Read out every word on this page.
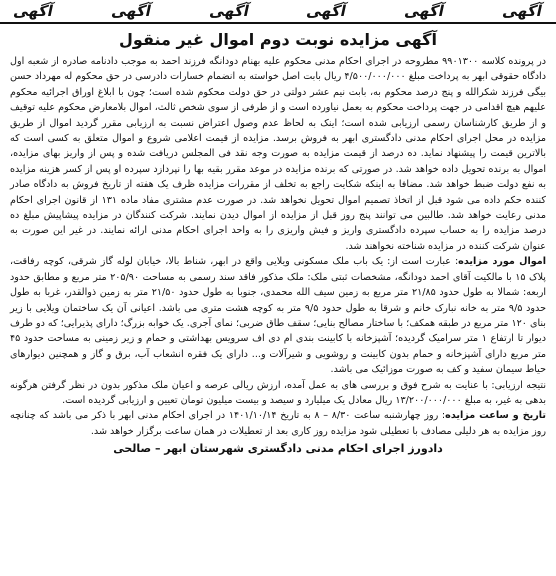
آگهی
آگهی
آگهی
آگهی
آگهی
آگهی
آگهی مزایده نوبت دوم اموال غیر منقول

در پرونده کلاسه ۹۹۰۱۳۰۰ مطروحه در اجرای احکام مدنی محکوم علیه بهنام دودانگه فرزند احمد به موجب دادنامه صادره از شعبه اول دادگاه حقوقی ابهر به پرداخت مبلغ ۴/۵۰۰/۰۰۰/۰۰۰ ریال بابت اصل خواسته به انضمام خسارات دادرسی در حق محکوم له مهرداد حسن بیگی فرزند شکرالله و پنج درصد محکوم به، بابت نیم عشر دولتی در حق دولت محکوم شده است؛ چون با ابلاغ اوراق اجرائیه محکوم علیهم هیچ اقدامی در جهت پرداخت محکوم به بعمل نیاورده است و از طرفی از سوی شخص ثالث، اموال بلامعارض محکوم علیه توقیف و از طریق کارشناسان رسمی ارزیابی شده است؛ اینک به لحاظ عدم وصول اعتراض نسبت به ارزیابی مقرر گردید اموال از طریق مزایده در محل اجرای احکام مدنی دادگستری ابهر به فروش برسد. مزایده از قیمت اعلامی شروع و اموال متعلق به کسی است که بالاترین قیمت را پیشنهاد نماید. ده درصد از قیمت مزایده به صورت وجه نقد فی المجلس دریافت شده و پس از واریز بهای مزایده، اموال به برنده تحویل داده خواهد شد. در صورتی که برنده مزایده در موعد مقرر بقیه بها را نپردازد سپرده او پس از کسر هزینه مزایده به نفع دولت ضبط خواهد شد. مضافا به اینکه شکایت راجع به تخلف از مقررات مزایده ظرف یک هفته از تاریخ فروش به دادگاه صادر کننده حکم داده می شود قبل از اتخاذ تصمیم اموال تحویل نخواهد شد. در صورت عدم مشتری مفاد ماده ۱۳۱ از قانون اجرای احکام مدنی رعایت خواهد شد. طالبین می توانند پنج روز قبل از مزایده از اموال دیدن نمایند. شرکت کنندگان در مزایده پیشاپیش مبلغ ده درصد مزایده را به حساب سپرده دادگستری واریز و فیش واریزی را به واحد اجرای احکام مدنی ارائه نمایند. در غیر این صورت به عنوان شرکت کننده در مزایده شناخته نخواهند شد.

اموال مورد مزایده: عبارت است از: یک باب ملک مسکونی ویلایی واقع در ابهر، شناط بالا، خیابان لوله گاز شرقی، کوچه رفاقت، پلاک ۱۵ با مالکیت آقای احمد دودانگه، مشخصات ثبتی ملک: ملک مذکور فاقد سند رسمی به مساحت ۲۰۵/۹۰ متر مربع و مطابق حدود اربعه: شمالا به طول حدود ۲۱/۸۵ متر مربع به زمین سیف الله محمدی، جنوبا به طول حدود ۲۱/۵۰ متر به زمین ذوالقدر، غربا به طول حدود ۹/۵ متر به خانه نبارک خانم و شرقا به طول حدود ۹/۵ متر به کوچه هشت متری می باشد. اعیانی آن یک ساختمان ویلایی با زیر بنای ۱۲۰ متر مربع در طبقه همکف؛ با ساختار مصالح بنایی؛ سقف طاق ضربی؛ نمای آجری. یک خوابه بزرگ؛ دارای پذیرایی؛ که دو طرف دیوار تا ارتفاع ۱ متر سرامیک گردیده؛ آشپزخانه با کابینت بندی ام دی اف سرویس بهداشتی و حمام و زیر زمینی به مساحت حدود ۴۵ متر مربع دارای آشپزخانه و حمام بدون کابینت و روشویی و شیرآلات و... دارای یک فقره انشعاب آب، برق و گاز و همچنین دیوارهای حیاط سیمان سفید و کف به صورت موزائیک می باشد.

نتیجه ارزیابی: با عنایت به شرح فوق و بررسی های به عمل آمده، ارزش ریالی عرصه و اعیان ملک مذکور بدون در نظر گرفتن هرگونه بدهی به غیر، به مبلغ ۱۳/۲۰۰/۰۰۰/۰۰۰ ریال معادل یک میلیارد و سیصد و بیست میلیون تومان تعیین و ارزیابی گردیده است.

تاریخ و ساعت مزایده: روز چهارشنبه ساعت ۸/۳۰ – ۸ به تاریخ ۱۴۰۱/۱۰/۱۴ در اجرای احکام مدنی ابهر با ذکر می باشد که چنانچه روز مزایده به هر دلیلی مصادف با تعطیلی شود مزایده روز کاری بعد از تعطیلات در همان ساعت برگزار خواهد شد.

دادورز اجرای احکام مدنی دادگستری شهرستان ابهر – صالحی
